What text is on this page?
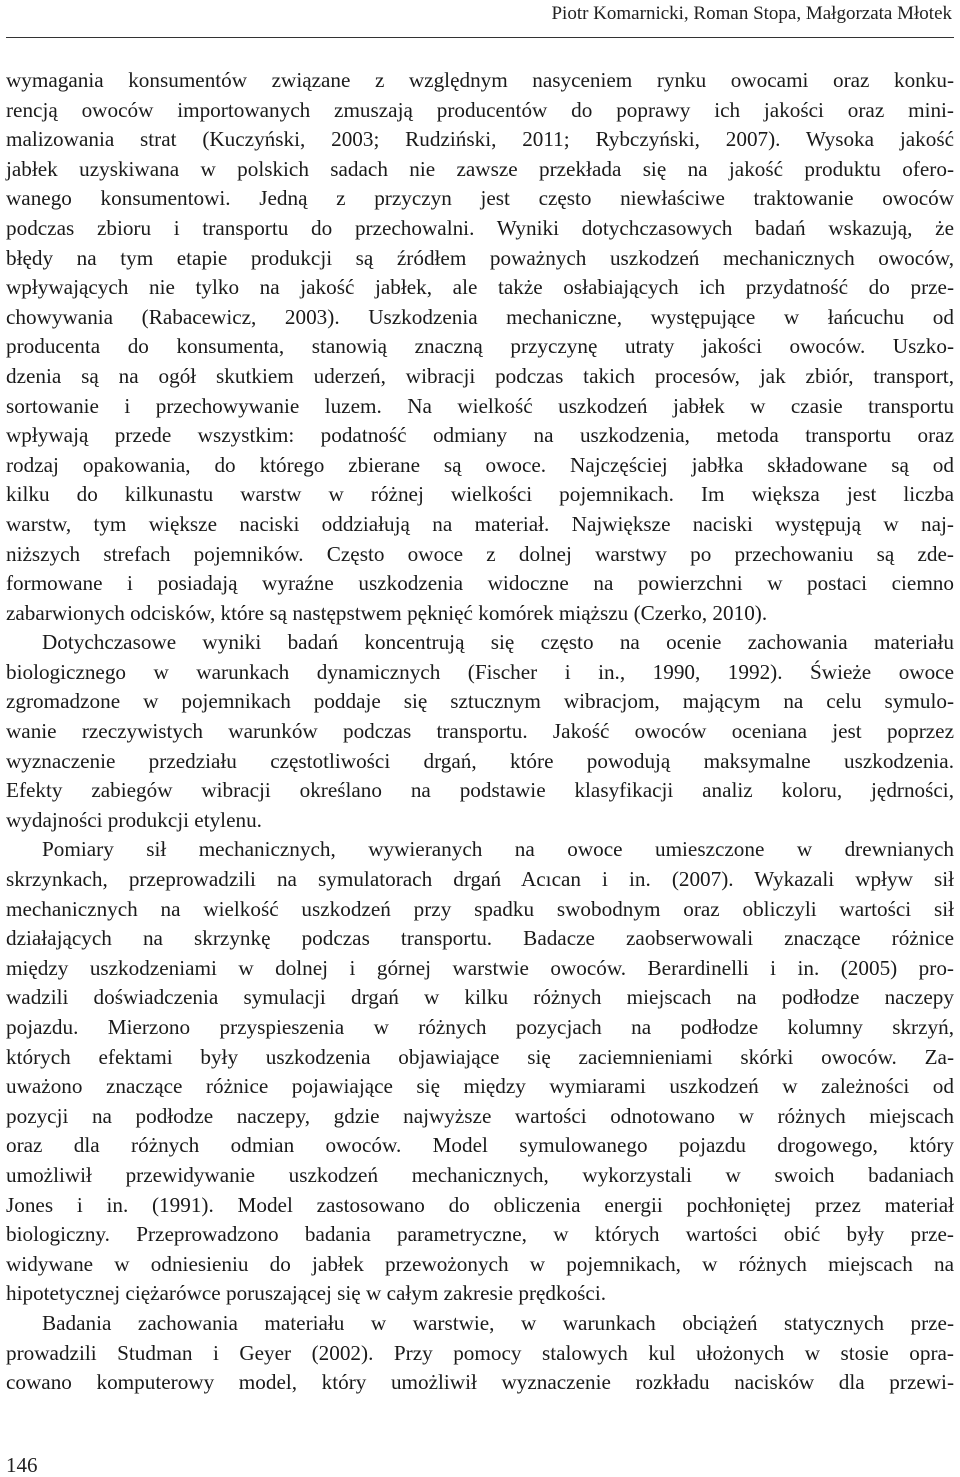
Piotr Komarnicki, Roman Stopa, Małgorzata Młotek

wymagania konsumentów związane z względnym nasyceniem rynku owocami oraz konku-
rencją owoców importowanych zmuszają producentów do poprawy ich jakości oraz mini-
malizowania strat (Kuczyński, 2003; Rudziński, 2011; Rybczyński, 2007). Wysoka jakość
jabłek uzyskiwana w polskich sadach nie zawsze przekłada się na jakość produktu ofero-
wanego konsumentowi. Jedną z przyczyn jest często niewłaściwe traktowanie owoców
podczas zbioru i transportu do przechowalni. Wyniki dotychczasowych badań wskazują, że
błędy na tym etapie produkcji są źródłem poważnych uszkodzeń mechanicznych owoców,
wpływających nie tylko na jakość jabłek, ale także osłabiających ich przydatność do prze-
chowywania (Rabacewicz, 2003). Uszkodzenia mechaniczne, występujące w łańcuchu od
producenta do konsumenta, stanowią znaczną przyczynę utraty jakości owoców. Uszko-
dzenia są na ogół skutkiem uderzeń, wibracji podczas takich procesów, jak zbiór, transport,
sortowanie i przechowywanie luzem. Na wielkość uszkodzeń jabłek w czasie transportu
wpływają przede wszystkim: podatność odmiany na uszkodzenia, metoda transportu oraz
rodzaj opakowania, do którego zbierane są owoce. Najczęściej jabłka składowane są od
kilku do kilkunastu warstw w różnej wielkości pojemnikach. Im większa jest liczba
warstw, tym większe naciski oddziałują na materiał. Największe naciski występują w naj-
niższych strefach pojemników. Często owoce z dolnej warstwy po przechowaniu są zde-
formowane i posiadają wyraźne uszkodzenia widoczne na powierzchni w postaci ciemno
zabarwionych odcisków, które są następstwem pęknięć komórek miąższu (Czerko, 2010).

Dotychczasowe wyniki badań koncentrują się często na ocenie zachowania materiału
biologicznego w warunkach dynamicznych (Fischer i in., 1990, 1992). Świeże owoce
zgromadzone w pojemnikach poddaje się sztucznym wibracjom, mającym na celu symulo-
wanie rzeczywistych warunków podczas transportu. Jakość owoców oceniana jest poprzez
wyznaczenie przedziału częstotliwości drgań, które powodują maksymalne uszkodzenia.
Efekty zabiegów wibracji określano na podstawie klasyfikacji analiz koloru, jędrności,
wydajności produkcji etylenu.

Pomiary sił mechanicznych, wywieranych na owoce umieszczone w drewnianych
skrzynkach, przeprowadzili na symulatorach drgań Acıcan i in. (2007). Wykazali wpływ sił
mechanicznych na wielkość uszkodzeń przy spadku swobodnym oraz obliczyli wartości sił
działających na skrzynkę podczas transportu. Badacze zaobserwowali znaczące różnice
między uszkodzeniami w dolnej i górnej warstwie owoców. Berardinelli i in. (2005) pro-
wadzili doświadczenia symulacji drgań w kilku różnych miejscach na podłodze naczepy
pojazdu. Mierzono przyspieszenia w różnych pozycjach na podłodze kolumny skrzyń,
których efektami były uszkodzenia objawiające się zaciemnieniami skórki owoców. Za-
uważono znaczące różnice pojawiające się między wymiarami uszkodzeń w zależności od
pozycji na podłodze naczepy, gdzie najwyższe wartości odnotowano w różnych miejscach
oraz dla różnych odmian owoców. Model symulowanego pojazdu drogowego, który
umożliwił przewidywanie uszkodzeń mechanicznych, wykorzystali w swoich badaniach
Jones i in. (1991). Model zastosowano do obliczenia energii pochłoniętej przez materiał
biologiczny. Przeprowadzono badania parametryczne, w których wartości obić były prze-
widywane w odniesieniu do jabłek przewożonych w pojemnikach, w różnych miejscach na
hipotetycznej ciężarówce poruszającej się w całym zakresie prędkości.

Badania zachowania materiału w warstwie, w warunkach obciążeń statycznych prze-
prowadzili Studman i Geyer (2002). Przy pomocy stalowych kul ułożonych w stosie opra-
cowano komputerowy model, który umożliwił wyznaczenie rozkładu nacisków dla przewi-

146
